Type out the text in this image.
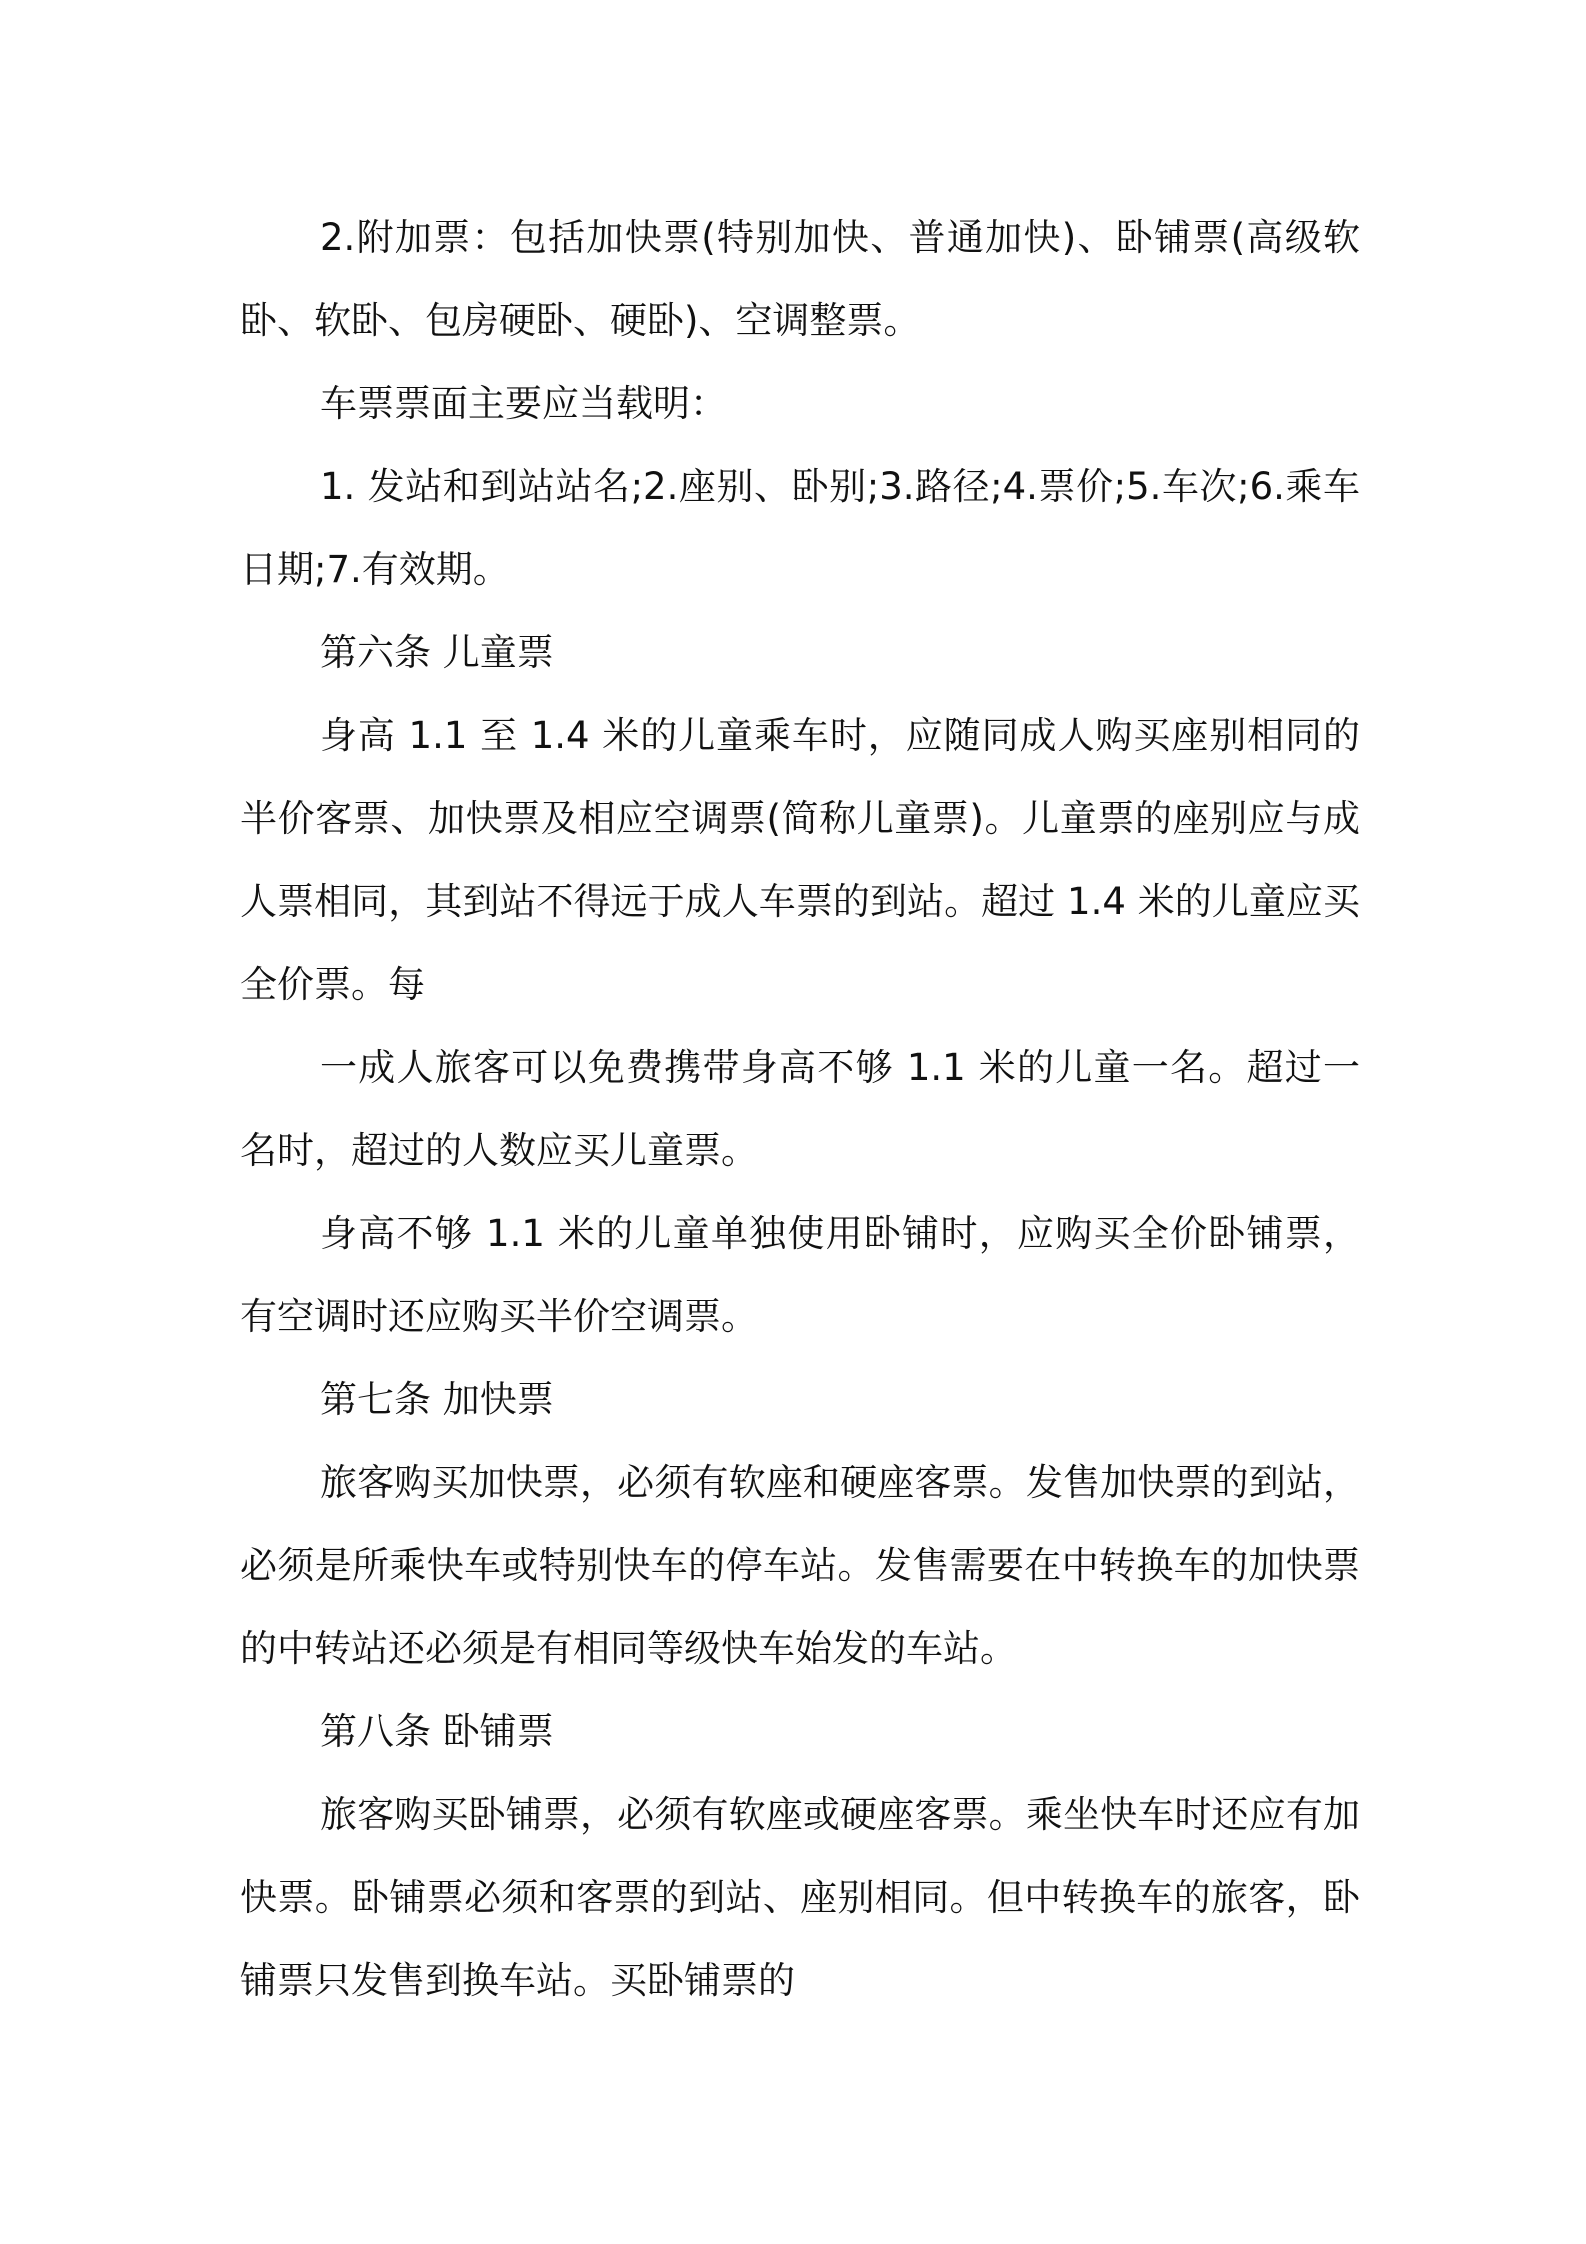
2.附加票：包括加快票(特别加快、普通加快)、卧铺票(高级软卧、软卧、包房硬卧、硬卧)、空调整票。

车票票面主要应当载明：

1. 发站和到站站名;2.座别、卧别;3.路径;4.票价;5.车次;6.乘车日期;7.有效期。

第六条 儿童票

身高 1.1 至 1.4 米的儿童乘车时，应随同成人购买座别相同的半价客票、加快票及相应空调票(简称儿童票)。儿童票的座别应与成人票相同，其到站不得远于成人车票的到站。超过 1.4 米的儿童应买全价票。每

一成人旅客可以免费携带身高不够 1.1 米的儿童一名。超过一名时，超过的人数应买儿童票。

身高不够 1.1 米的儿童单独使用卧铺时，应购买全价卧铺票，有空调时还应购买半价空调票。

第七条 加快票

旅客购买加快票，必须有软座和硬座客票。发售加快票的到站，必须是所乘快车或特别快车的停车站。发售需要在中转换车的加快票的中转站还必须是有相同等级快车始发的车站。

第八条 卧铺票

旅客购买卧铺票，必须有软座或硬座客票。乘坐快车时还应有加快票。卧铺票必须和客票的到站、座别相同。但中转换车的旅客，卧铺票只发售到换车站。买卧铺票的
